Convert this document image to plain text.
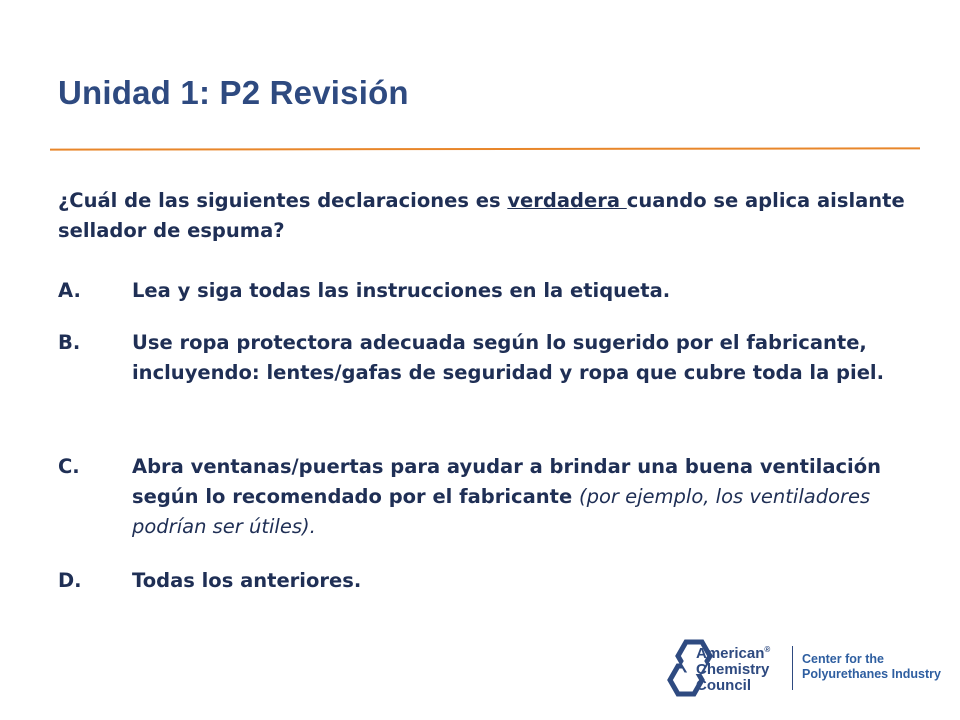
Unidad 1: P2 Revisión

¿Cuál de las siguientes declaraciones es verdadera cuando se aplica aislante sellador de espuma?

A.	Lea y siga todas las instrucciones en la etiqueta.
B.	Use ropa protectora adecuada según lo sugerido por el fabricante, incluyendo: lentes/gafas de seguridad y ropa que cubre toda la piel.
C.	Abra ventanas/puertas para ayudar a brindar una buena ventilación según lo recomendado por el fabricante (por ejemplo, los ventiladores podrían ser útiles).
D.	Todas los anteriores.
American®
Chemistry
Council
Center for the
Polyurethanes Industry
